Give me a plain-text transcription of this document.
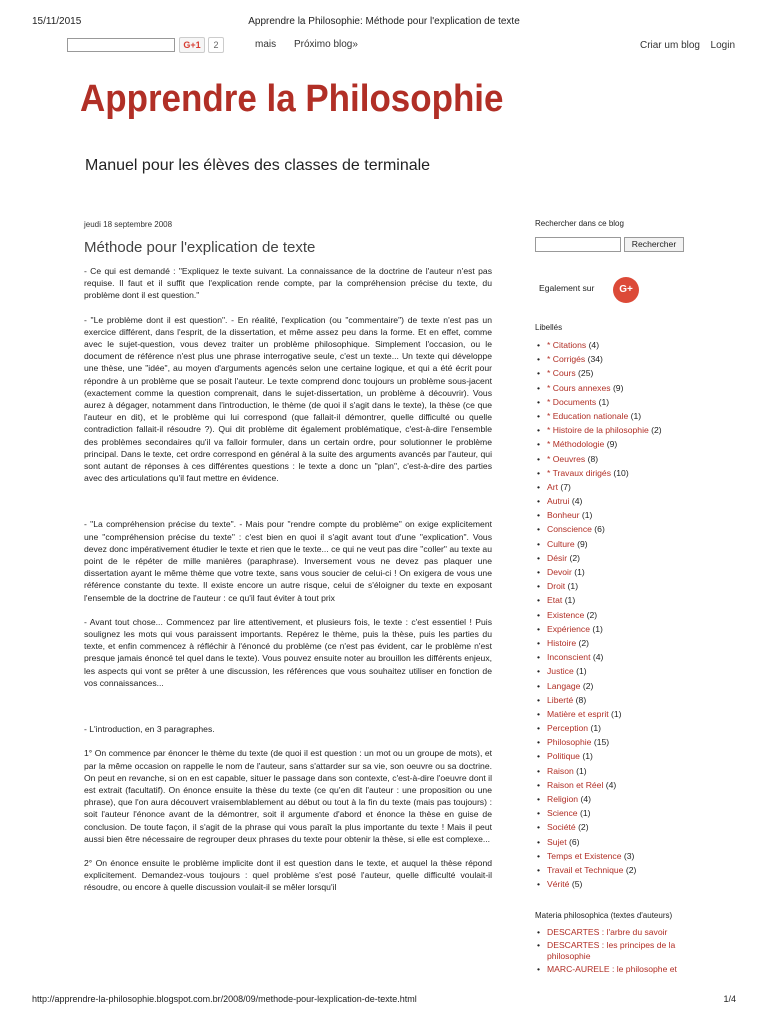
15/11/2015	Apprendre la Philosophie: Méthode pour l'explication de texte
G+1	2	mais Próximo blog»	Criar um blog Login
Apprendre la Philosophie
Manuel pour les élèves des classes de terminale
jeudi 18 septembre 2008
Méthode pour l'explication de texte

- Ce qui est demandé : "Expliquez le texte suivant. La connaissance de la doctrine de l'auteur n'est pas requise. Il faut et il suffit que l'explication rende compte, par la compréhension précise du texte, du problème dont il est question."

- "Le problème dont il est question". - En réalité, l'explication (ou "commentaire") de texte n'est pas un exercice différent, dans l'esprit, de la dissertation, et même assez peu dans la forme. Et en effet, comme avec le sujet-question, vous devez traiter un problème philosophique. Simplement l'occasion, ou le document de référence n'est plus une phrase interrogative seule, c'est un texte... Un texte qui développe une thèse, une "idée", au moyen d'arguments agencés selon une certaine logique, et qui a été écrit pour répondre à un problème que se posait l'auteur. Le texte comprend donc toujours un problème sous-jacent (exactement comme la question comprenait, dans le sujet-dissertation, un problème à découvrir). Vous aurez à dégager, notamment dans l'introduction, le thème (de quoi il s'agit dans le texte), la thèse (ce que l'auteur en dit), et le problème qui lui correspond (que fallait-il démontrer, quelle difficulté ou quelle contradiction fallait-il résoudre ?). Qui dit problème dit également problématique, c'est-à-dire l'ensemble des problèmes secondaires qu'il va falloir formuler, dans un certain ordre, pour solutionner le problème principal. Dans le texte, cet ordre correspond en général à la suite des arguments avancés par l'auteur, qui sont autant de réponses à ces différentes questions : le texte a donc un "plan", c'est-à-dire des parties avec des articulations qu'il faut mettre en évidence.

- "La compréhension précise du texte". - Mais pour "rendre compte du problème" on exige explicitement une "compréhension précise du texte" : c'est bien en quoi il s'agit avant tout d'une "explication". Vous devez donc impérativement étudier le texte et rien que le texte... ce qui ne veut pas dire "coller" au texte au point de le répéter de mille manières (paraphrase). Inversement vous ne devez pas plaquer une dissertation ayant le même thème que votre texte, sans vous soucier de celui-ci ! On exigera de vous une référence constante du texte. Il existe encore un autre risque, celui de s'éloigner du texte en exposant l'ensemble de la doctrine de l'auteur : ce qu'il faut éviter à tout prix

- Avant tout chose... Commencez par lire attentivement, et plusieurs fois, le texte : c'est essentiel ! Puis soulignez les mots qui vous paraissent importants. Repérez le thème, puis la thèse, puis les parties du texte, et enfin commencez à réfléchir à l'énoncé du problème (ce n'est pas évident, car le problème n'est presque jamais énoncé tel quel dans le texte). Vous pouvez ensuite noter au brouillon les différents enjeux, les aspects qui vont se prêter à une discussion, les références que vous souhaitez utiliser en fonction de vos connaissances...

- L'introduction, en 3 paragraphes.

1° On commence par énoncer le thème du texte (de quoi il est question : un mot ou un groupe de mots), et par la même occasion on rappelle le nom de l'auteur, sans s'attarder sur sa vie, son oeuvre ou sa doctrine. On peut en revanche, si on en est capable, situer le passage dans son contexte, c'est-à-dire l'oeuvre dont il est extrait (facultatif). On énonce ensuite la thèse du texte (ce qu'en dit l'auteur : une proposition ou une phrase), que l'on aura découvert vraisemblablement au début ou tout à la fin du texte (mais pas toujours) : soit l'auteur l'énonce avant de la démontrer, soit il argumente d'abord et énonce la thèse en guise de conclusion. De toute façon, il s'agit de la phrase qui vous paraît la plus importante du texte ! Mais il peut aussi bien être nécessaire de regrouper deux phrases du texte pour obtenir la thèse, si elle est complexe...

2° On énonce ensuite le problème implicite dont il est question dans le texte, et auquel la thèse répond explicitement. Demandez-vous toujours : quel problème s'est posé l'auteur, quelle difficulté voulait-il résoudre, ou encore à quelle discussion voulait-il se mêler lorsqu'il

Rechercher dans ce blog
Rechercher
Egalement sur	G+
Libellés
• * Citations (4)
• * Corrigés (34)
• * Cours (25)
• * Cours annexes (9)
• * Documents (1)
• * Education nationale (1)
• * Histoire de la philosophie (2)
• * Méthodologie (9)
• * Oeuvres (8)
• * Travaux dirigés (10)
• Art (7)
• Autrui (4)
• Bonheur (1)
• Conscience (6)
• Culture (9)
• Désir (2)
• Devoir (1)
• Droit (1)
• Etat (1)
• Existence (2)
• Expérience (1)
• Histoire (2)
• Inconscient (4)
• Justice (1)
• Langage (2)
• Liberté (8)
• Matière et esprit (1)
• Perception (1)
• Philosophie (15)
• Politique (1)
• Raison (1)
• Raison et Réel (4)
• Religion (4)
• Science (1)
• Société (2)
• Sujet (6)
• Temps et Existence (3)
• Travail et Technique (2)
• Vérité (5)
Materia philosophica (textes d'auteurs)
• DESCARTES : l'arbre du savoir
• DESCARTES : les principes de la philosophie
• MARC-AURELE : le philosophe et
http://apprendre-la-philosophie.blogspot.com.br/2008/09/methode-pour-lexplication-de-texte.html	1/4
